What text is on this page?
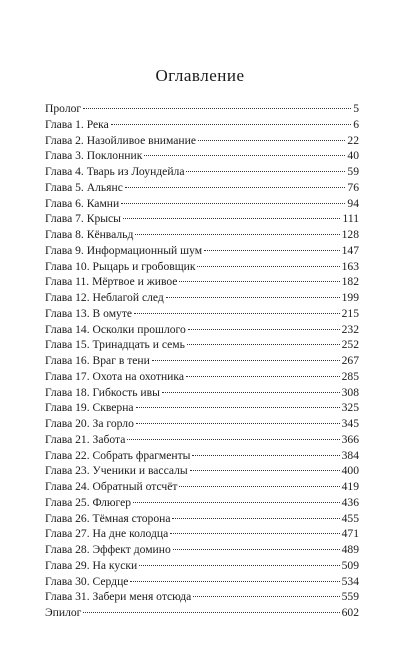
Оглавление
Пролог	5
Глава 1. Река	6
Глава 2. Назойливое внимание	22
Глава 3. Поклонник	40
Глава 4. Тварь из Лоундейла	59
Глава 5. Альянс	76
Глава 6. Камни	94
Глава 7. Крысы	111
Глава 8. Кёнвальд	128
Глава 9. Информационный шум	147
Глава 10. Рыцарь и гробовщик	163
Глава 11. Мёртвое и живое	182
Глава 12. Неблагой след	199
Глава 13. В омуте	215
Глава 14. Осколки прошлого	232
Глава 15. Тринадцать и семь	252
Глава 16. Враг в тени	267
Глава 17. Охота на охотника	285
Глава 18. Гибкость ивы	308
Глава 19. Скверна	325
Глава 20. За горло	345
Глава 21. Забота	366
Глава 22. Собрать фрагменты	384
Глава 23. Ученики и вассалы	400
Глава 24. Обратный отсчёт	419
Глава 25. Флюгер	436
Глава 26. Тёмная сторона	455
Глава 27. На дне колодца	471
Глава 28. Эффект домино	489
Глава 29. На куски	509
Глава 30. Сердце	534
Глава 31. Забери меня отсюда	559
Эпилог	602
